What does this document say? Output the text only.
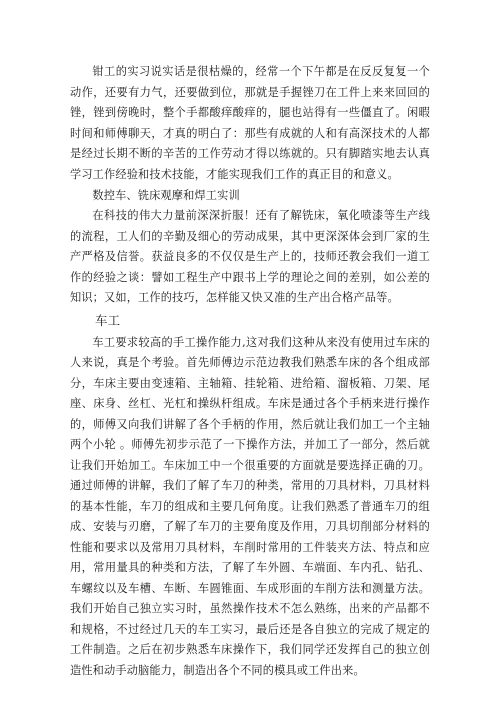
钳工的实习说实话是很枯燥的，经常一个下午都是在反反复复一个动作，还要有力气，还要做到位，那就是手握锉刀在工件上来来回回的锉，锉到傍晚时，整个手都酸痒酸痒的，腿也站得有一些僵直了。闲暇时间和师傅聊天，才真的明白了：那些有成就的人和有高深技术的人都是经过长期不断的辛苦的工作劳动才得以练就的。只有脚踏实地去认真学习工作经验和技术技能，才能实现我们工作的真正目的和意义。

数控车、铣床观摩和焊工实训

在科技的伟大力量前深深折服！还有了解铣床，氧化喷漆等生产线的流程，工人们的辛勤及细心的劳动成果，其中更深深体会到厂家的生产严格及信誉。获益良多的不仅仅是生产上的，技师还教会我们一道工作的经验之谈：譬如工程生产中跟书上学的理论之间的差别，如公差的知识；又如，工作的技巧，怎样能又快又准的生产出合格产品等。

车工

车工要求较高的手工操作能力,这对我们这种从来没有使用过车床的人来说，真是个考验。首先师傅边示范边教我们熟悉车床的各个组成部分，车床主要由变速箱、主轴箱、挂轮箱、进给箱、溜板箱、刀架、尾座、床身、丝杠、光杠和操纵杆组成。车床是通过各个手柄来进行操作的，师傅又向我们讲解了各个手柄的作用，然后就让我们加工一个主轴两个小轮 。师傅先初步示范了一下操作方法，并加工了一部分，然后就让我们开始加工。车床加工中一个很重要的方面就是要选择正确的刀。通过师傅的讲解，我们了解了车刀的种类，常用的刀具材料，刀具材料的基本性能，车刀的组成和主要几何角度。让我们熟悉了普通车刀的组成、安装与刃磨，了解了车刀的主要角度及作用，刀具切削部分材料的性能和要求以及常用刀具材料，车削时常用的工件装夹方法、特点和应用，常用量具的种类和方法，了解了车外圆、车端面、车内孔、钻孔、车螺纹以及车槽、车断、车圆锥面、车成形面的车削方法和测量方法。我们开始自己独立实习时，虽然操作技术不怎么熟练，出来的产品都不和规格，不过经过几天的车工实习，最后还是各自独立的完成了规定的工件制造。之后在初步熟悉车床操作下，我们同学还发挥自己的独立创造性和动手动脑能力，制造出各个不同的模具或工件出来。
